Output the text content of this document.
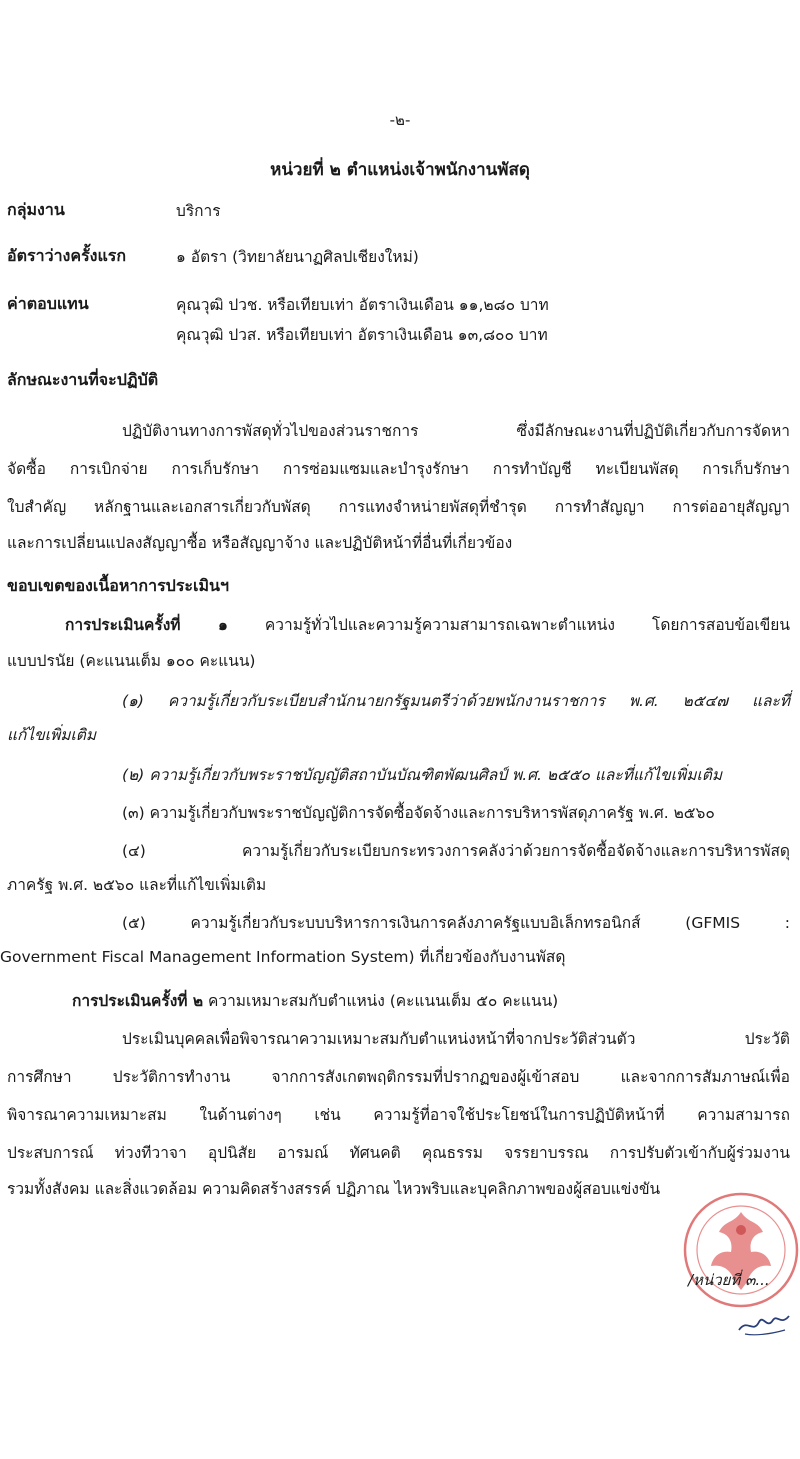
-๒-
หน่วยที่ ๒ ตำแหน่งเจ้าพนักงานพัสดุ
กลุ่มงาน	บริการ
อัตราว่างครั้งแรก	๑ อัตรา (วิทยาลัยนาฏศิลปเชียงใหม่)
ค่าตอบแทน	คุณวุฒิ ปวช. หรือเทียบเท่า อัตราเงินเดือน ๑๑,๒๘๐ บาท
คุณวุฒิ ปวส. หรือเทียบเท่า อัตราเงินเดือน ๑๓,๘๐๐ บาท
ลักษณะงานที่จะปฏิบัติ
ปฏิบัติงานทางการพัสดุทั่วไปของส่วนราชการ ซึ่งมีลักษณะงานที่ปฏิบัติเกี่ยวกับการจัดหา
จัดซื้อ การเบิกจ่าย การเก็บรักษา การซ่อมแซมและบำรุงรักษา การทำบัญชี ทะเบียนพัสดุ การเก็บรักษา
ใบสำคัญ หลักฐานและเอกสารเกี่ยวกับพัสดุ การแทงจำหน่ายพัสดุที่ชำรุด การทำสัญญา การต่ออายุสัญญา
และการเปลี่ยนแปลงสัญญาซื้อ หรือสัญญาจ้าง และปฏิบัติหน้าที่อื่นที่เกี่ยวข้อง
ขอบเขตของเนื้อหาการประเมินฯ
การประเมินครั้งที่ ๑ ความรู้ทั่วไปและความรู้ความสามารถเฉพาะตำแหน่ง โดยการสอบข้อเขียน
แบบปรนัย (คะแนนเต็ม ๑๐๐ คะแนน)
(๑) ความรู้เกี่ยวกับระเบียบสำนักนายกรัฐมนตรีว่าด้วยพนักงานราชการ พ.ศ. ๒๕๔๗ และที่
แก้ไขเพิ่มเติม
(๒) ความรู้เกี่ยวกับพระราชบัญญัติสถาบันบัณฑิตพัฒนศิลป์ พ.ศ. ๒๕๕๐ และที่แก้ไขเพิ่มเติม
(๓) ความรู้เกี่ยวกับพระราชบัญญัติการจัดซื้อจัดจ้างและการบริหารพัสดุภาครัฐ พ.ศ. ๒๕๖๐
(๔) ความรู้เกี่ยวกับระเบียบกระทรวงการคลังว่าด้วยการจัดซื้อจัดจ้างและการบริหารพัสดุ
ภาครัฐ พ.ศ. ๒๕๖๐ และที่แก้ไขเพิ่มเติม
(๕) ความรู้เกี่ยวกับระบบบริหารการเงินการคลังภาครัฐแบบอิเล็กทรอนิกส์ (GFMIS :
Government Fiscal Management Information System) ที่เกี่ยวข้องกับงานพัสดุ
การประเมินครั้งที่ ๒ ความเหมาะสมกับตำแหน่ง (คะแนนเต็ม ๕๐ คะแนน)
ประเมินบุคคลเพื่อพิจารณาความเหมาะสมกับตำแหน่งหน้าที่จากประวัติส่วนตัว ประวัติ
การศึกษา ประวัติการทำงาน จากการสังเกตพฤติกรรมที่ปรากฏของผู้เข้าสอบ และจากการสัมภาษณ์เพื่อ
พิจารณาความเหมาะสม ในด้านต่างๆ เช่น ความรู้ที่อาจใช้ประโยชน์ในการปฏิบัติหน้าที่ ความสามารถ
ประสบการณ์ ท่วงทีวาจา อุปนิสัย อารมณ์ ทัศนคติ คุณธรรม จรรยาบรรณ การปรับตัวเข้ากับผู้ร่วมงาน
รวมทั้งสังคม และสิ่งแวดล้อม ความคิดสร้างสรรค์ ปฏิภาณ ไหวพริบและบุคลิกภาพของผู้สอบแข่งขัน
/หน่วยที่ ๓...
